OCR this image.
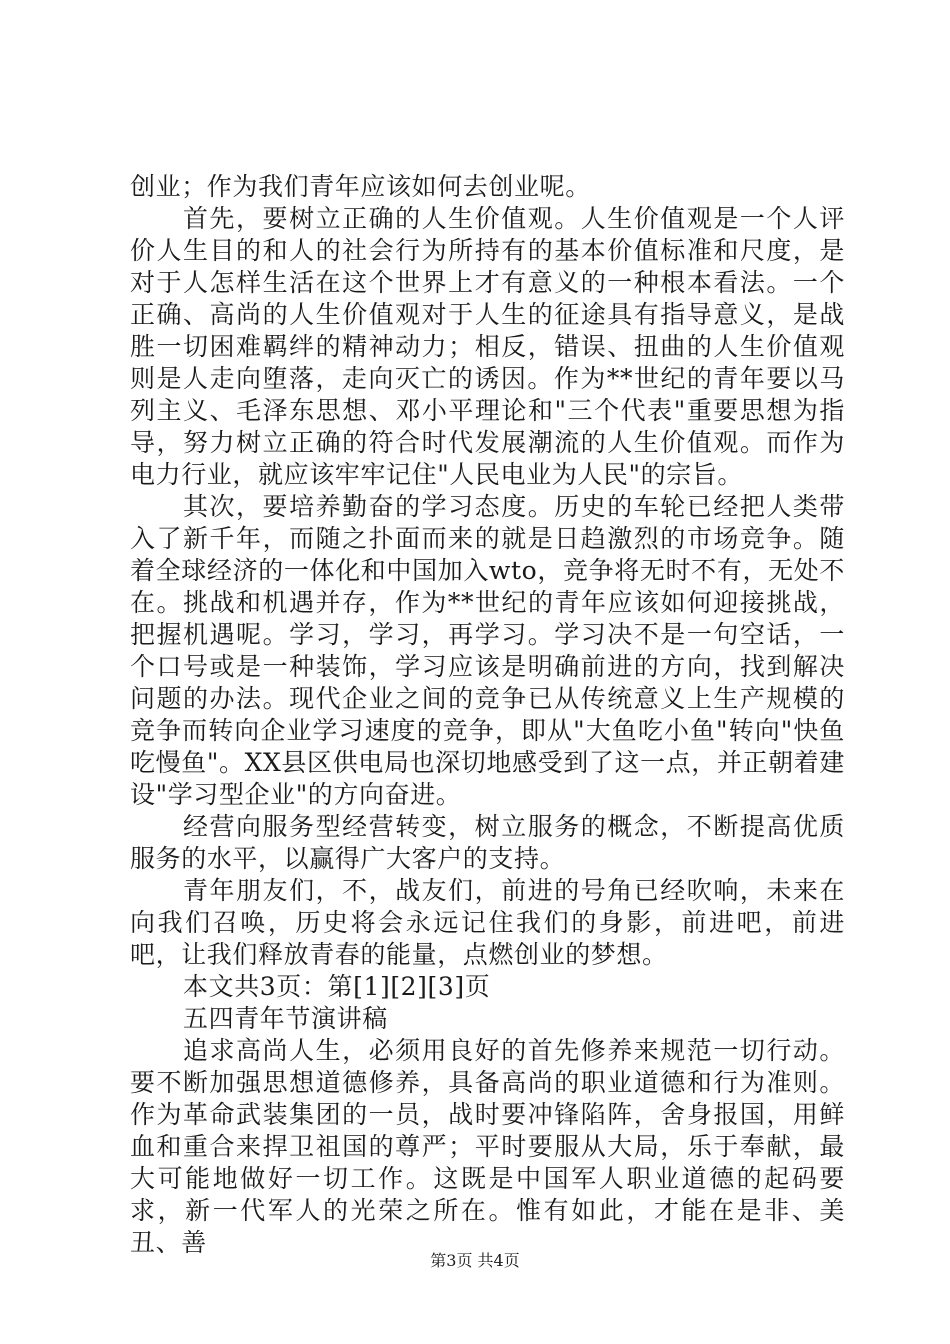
创业；作为我们青年应该如何去创业呢。

首先，要树立正确的人生价值观。人生价值观是一个人评价人生目的和人的社会行为所持有的基本价值标准和尺度，是对于人怎样生活在这个世界上才有意义的一种根本看法。一个正确、高尚的人生价值观对于人生的征途具有指导意义，是战胜一切困难羁绊的精神动力；相反，错误、扭曲的人生价值观则是人走向堕落，走向灭亡的诱因。作为**世纪的青年要以马列主义、毛泽东思想、邓小平理论和"三个代表"重要思想为指导，努力树立正确的符合时代发展潮流的人生价值观。而作为电力行业，就应该牢牢记住"人民电业为人民"的宗旨。

其次，要培养勤奋的学习态度。历史的车轮已经把人类带入了新千年，而随之扑面而来的就是日趋激烈的市场竞争。随着全球经济的一体化和中国加入wto，竞争将无时不有，无处不在。挑战和机遇并存，作为**世纪的青年应该如何迎接挑战，把握机遇呢。学习，学习，再学习。学习决不是一句空话，一个口号或是一种装饰，学习应该是明确前进的方向，找到解决问题的办法。现代企业之间的竞争已从传统意义上生产规模的竞争而转向企业学习速度的竞争，即从"大鱼吃小鱼"转向"快鱼吃慢鱼"。XX县区供电局也深切地感受到了这一点，并正朝着建设"学习型企业"的方向奋进。

经营向服务型经营转变，树立服务的概念，不断提高优质服务的水平，以赢得广大客户的支持。

青年朋友们，不，战友们，前进的号角已经吹响，未来在向我们召唤，历史将会永远记住我们的身影，前进吧，前进吧，让我们释放青春的能量，点燃创业的梦想。

本文共3页：第[1][2][3]页

五四青年节演讲稿

追求高尚人生，必须用良好的首先修养来规范一切行动。要不断加强思想道德修养，具备高尚的职业道德和行为准则。作为革命武装集团的一员，战时要冲锋陷阵，舍身报国，用鲜血和重合来捍卫祖国的尊严；平时要服从大局，乐于奉献，最大可能地做好一切工作。这既是中国军人职业道德的起码要求，新一代军人的光荣之所在。惟有如此，才能在是非、美丑、善

第3页 共4页
